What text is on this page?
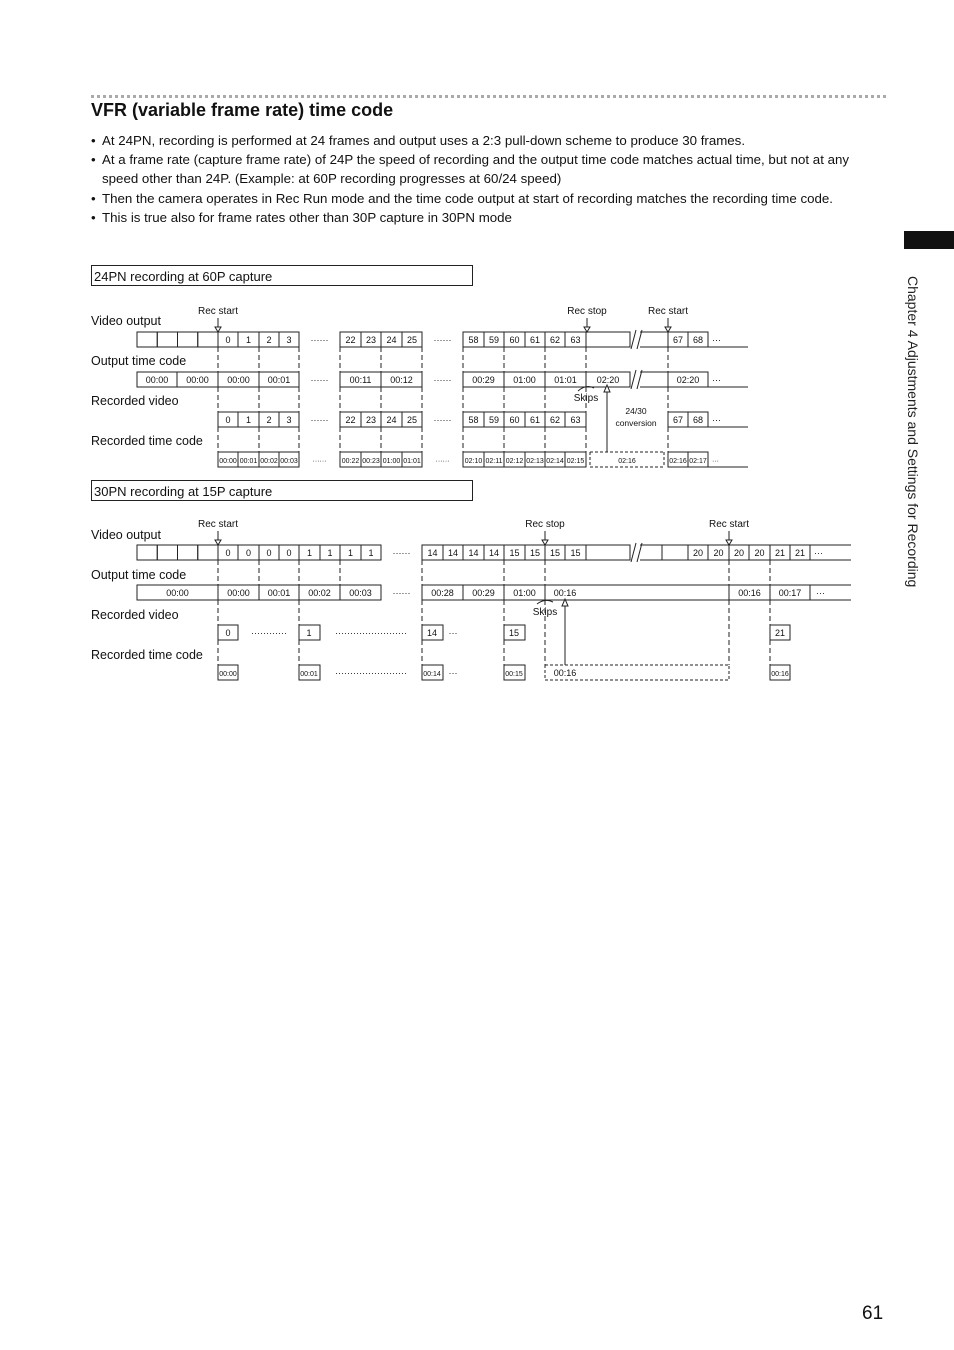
VFR (variable frame rate) time code
• At 24PN, recording is performed at 24 frames and output uses a 2:3 pull-down scheme to produce 30 frames.
• At a frame rate (capture frame rate) of 24P the speed of recording and the output time code matches actual time, but not at any speed other than 24P. (Example: at 60P recording progresses at 60/24 speed)
• Then the camera operates in Rec Run mode and the time code output at start of recording matches the recording time code.
• This is true also for frame rates other than 30P capture in 30PN mode
Chapter 4 Adjustments and Settings for Recording
24PN recording at 60P capture
Video output
Output time code
Recorded video
Recorded time code
Rec start	Rec stop	Rec start
0 1 2 3 ······ 22 23 24 25 ······ 58 59 60 61 62 63	67 68 ···
00:00 00:00 00:00 00:01 ······ 00:11 00:12 ······ 00:29 01:00 01:01 02:20	02:20 ···
0 1 2 3 ······ 22 23 24 25 ······ 58 59 60 61 62 63	67 68 ···
00:00 00:01 00:02 00:03 ······ 00:22 00:23 01:00 01:01 ······ 02:10 02:11 02:12 02:13 02:14 02:15	02:16	02:16 02:17 ···
24/30
conversion
Skips
30PN recording at 15P capture
Video output
Output time code
Recorded video
Recorded time code
Rec start	Rec stop	Rec start
0 0 0 0 1 1 1 1 ······ 14 14 14 14 15 15 15 15	20 20 20 20 21 21 ···
00:00	00:00 00:01 00:02 00:03 ······ 00:28 00:29 01:00 00:16	00:16 00:17 ···
0 ············ 1	························ 14 ···	15	21
00:00	00:01 ························ 00:14 ···	00:15	00:16	00:16
Skips
61
